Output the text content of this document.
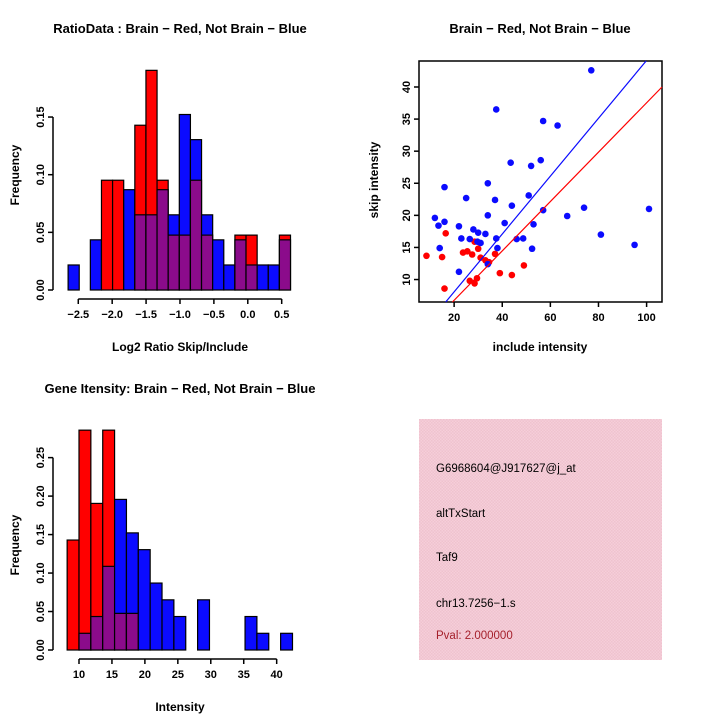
−2.5 −2.0 −1.5 −1.0 −0.5 0.0 0.5
0.00
0.05
0.10
0.15
RatioData : Brain − Red, Not Brain − Blue
Frequency
Log2 Ratio Skip/Include
20	40	60	80	100
10
15
20
25
30
35
40
Brain − Red, Not Brain − Blue
skip intensity
include intensity
10 15 20 25 30 35 40
0.00
0.05
0.10
0.15
0.20
0.25
Gene Itensity: Brain − Red, Not Brain − Blue
Frequency
Intensity
G6968604@J917627@j_at
altTxStart
Taf9
chr13.7256−1.s
Pval: 2.000000
